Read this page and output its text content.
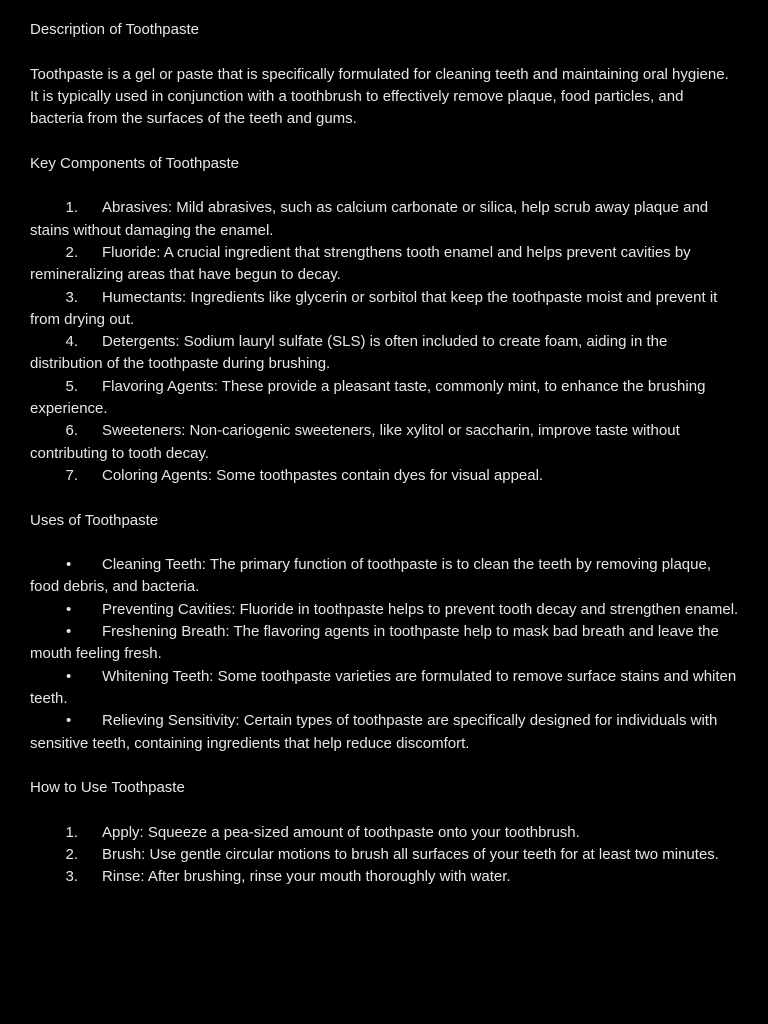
Description of Toothpaste

Toothpaste is a gel or paste that is specifically formulated for cleaning teeth and maintaining oral hygiene. It is typically used in conjunction with a toothbrush to effectively remove plaque, food particles, and bacteria from the surfaces of the teeth and gums.

Key Components of Toothpaste

1. Abrasives: Mild abrasives, such as calcium carbonate or silica, help scrub away plaque and stains without damaging the enamel.

2. Fluoride: A crucial ingredient that strengthens tooth enamel and helps prevent cavities by remineralizing areas that have begun to decay.

3. Humectants: Ingredients like glycerin or sorbitol that keep the toothpaste moist and prevent it from drying out.

4. Detergents: Sodium lauryl sulfate (SLS) is often included to create foam, aiding in the distribution of the toothpaste during brushing.

5. Flavoring Agents: These provide a pleasant taste, commonly mint, to enhance the brushing experience.

6. Sweeteners: Non-cariogenic sweeteners, like xylitol or saccharin, improve taste without contributing to tooth decay.

7. Coloring Agents: Some toothpastes contain dyes for visual appeal.

Uses of Toothpaste

• Cleaning Teeth: The primary function of toothpaste is to clean the teeth by removing plaque, food debris, and bacteria.

• Preventing Cavities: Fluoride in toothpaste helps to prevent tooth decay and strengthen enamel.

• Freshening Breath: The flavoring agents in toothpaste help to mask bad breath and leave the mouth feeling fresh.

• Whitening Teeth: Some toothpaste varieties are formulated to remove surface stains and whiten teeth.

• Relieving Sensitivity: Certain types of toothpaste are specifically designed for individuals with sensitive teeth, containing ingredients that help reduce discomfort.

How to Use Toothpaste

1. Apply: Squeeze a pea-sized amount of toothpaste onto your toothbrush.

2. Brush: Use gentle circular motions to brush all surfaces of your teeth for at least two minutes.

3. Rinse: After brushing, rinse your mouth thoroughly with water.
